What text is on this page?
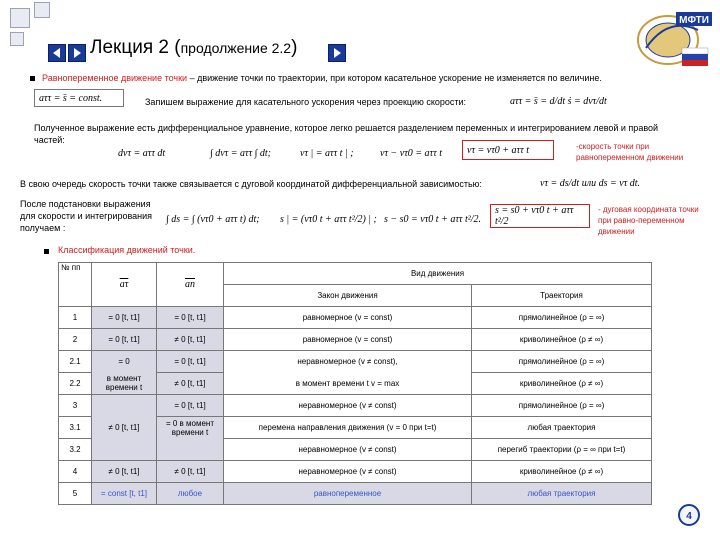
Лекция 2 (продолжение 2.2)
МФТИ
Равнопеременное движение точки – движение точки по траектории, при котором касательное ускорение не изменяется по величине.
aττ = s̈ = const.	Запишем выражение для касательного ускорения через проекцию скорости:	aττ = s̈ = d/dt ṡ = dvτ/dt
Полученное выражение есть дифференциальное уравнение, которое легко решается разделением переменных и интегрированием левой и правой частей:
dvτ = aττ dt	∫ dvτ = aττ ∫ dt;	vτ | = aττ t | ;	vτ − vτ0 = aττ t	vτ = vτ0 + aττ t	-скорость точки при равнопеременном движении
В свою очередь скорость точки также связывается с дуговой координатой дифференциальной зависимостью:	vτ = ds/dt или ds = vτ dt.
После подстановки выражения для скорости и интегрирования получаем :
∫ ds = ∫ (vτ0 + aττ t) dt; s | = (vτ0 t + aττ t²/2) | ; s − s0 = vτ0 t + aττ t²/2.
s = s0 + vτ0 t + aττ t²/2
- дуговая координата точки при равно-переменном движении
Классификация движений точки.
№ пп	$\overline{a\tau}$	$\overline{an}$	Вид движения	
			Закон движения	Траектория
1	= 0 [t, t1]	= 0 [t, t1]	равномерное (v = const)	прямолинейное (ρ = ∞)
2	= 0 [t, t1]	≠ 0 [t, t1]	равномерное (v = const)	криволинейное (ρ ≠ ∞)
2.1	= 0	= 0 [t, t1]	неравномерное (v ≠ const),	прямолинейное (ρ = ∞)
2.2	в момент времени t	≠ 0 [t, t1]	в момент времени t v = max	криволинейное (ρ ≠ ∞)
3		= 0 [t, t1]	неравномерное (v ≠ const)	прямолинейное (ρ = ∞)
3.1	≠ 0 [t, t1]	= 0 в момент времени t	перемена направления движения (v = 0 при t=t)	любая траектория
3.2			неравномерное (v ≠ const)	перегиб траектории (ρ = ∞ при t=t)
4	≠ 0 [t, t1]	≠ 0 [t, t1]	неравномерное (v ≠ const)	криволинейное (ρ ≠ ∞)
5	= const [t, t1]	любое	равнопеременное	любая траектория
4
